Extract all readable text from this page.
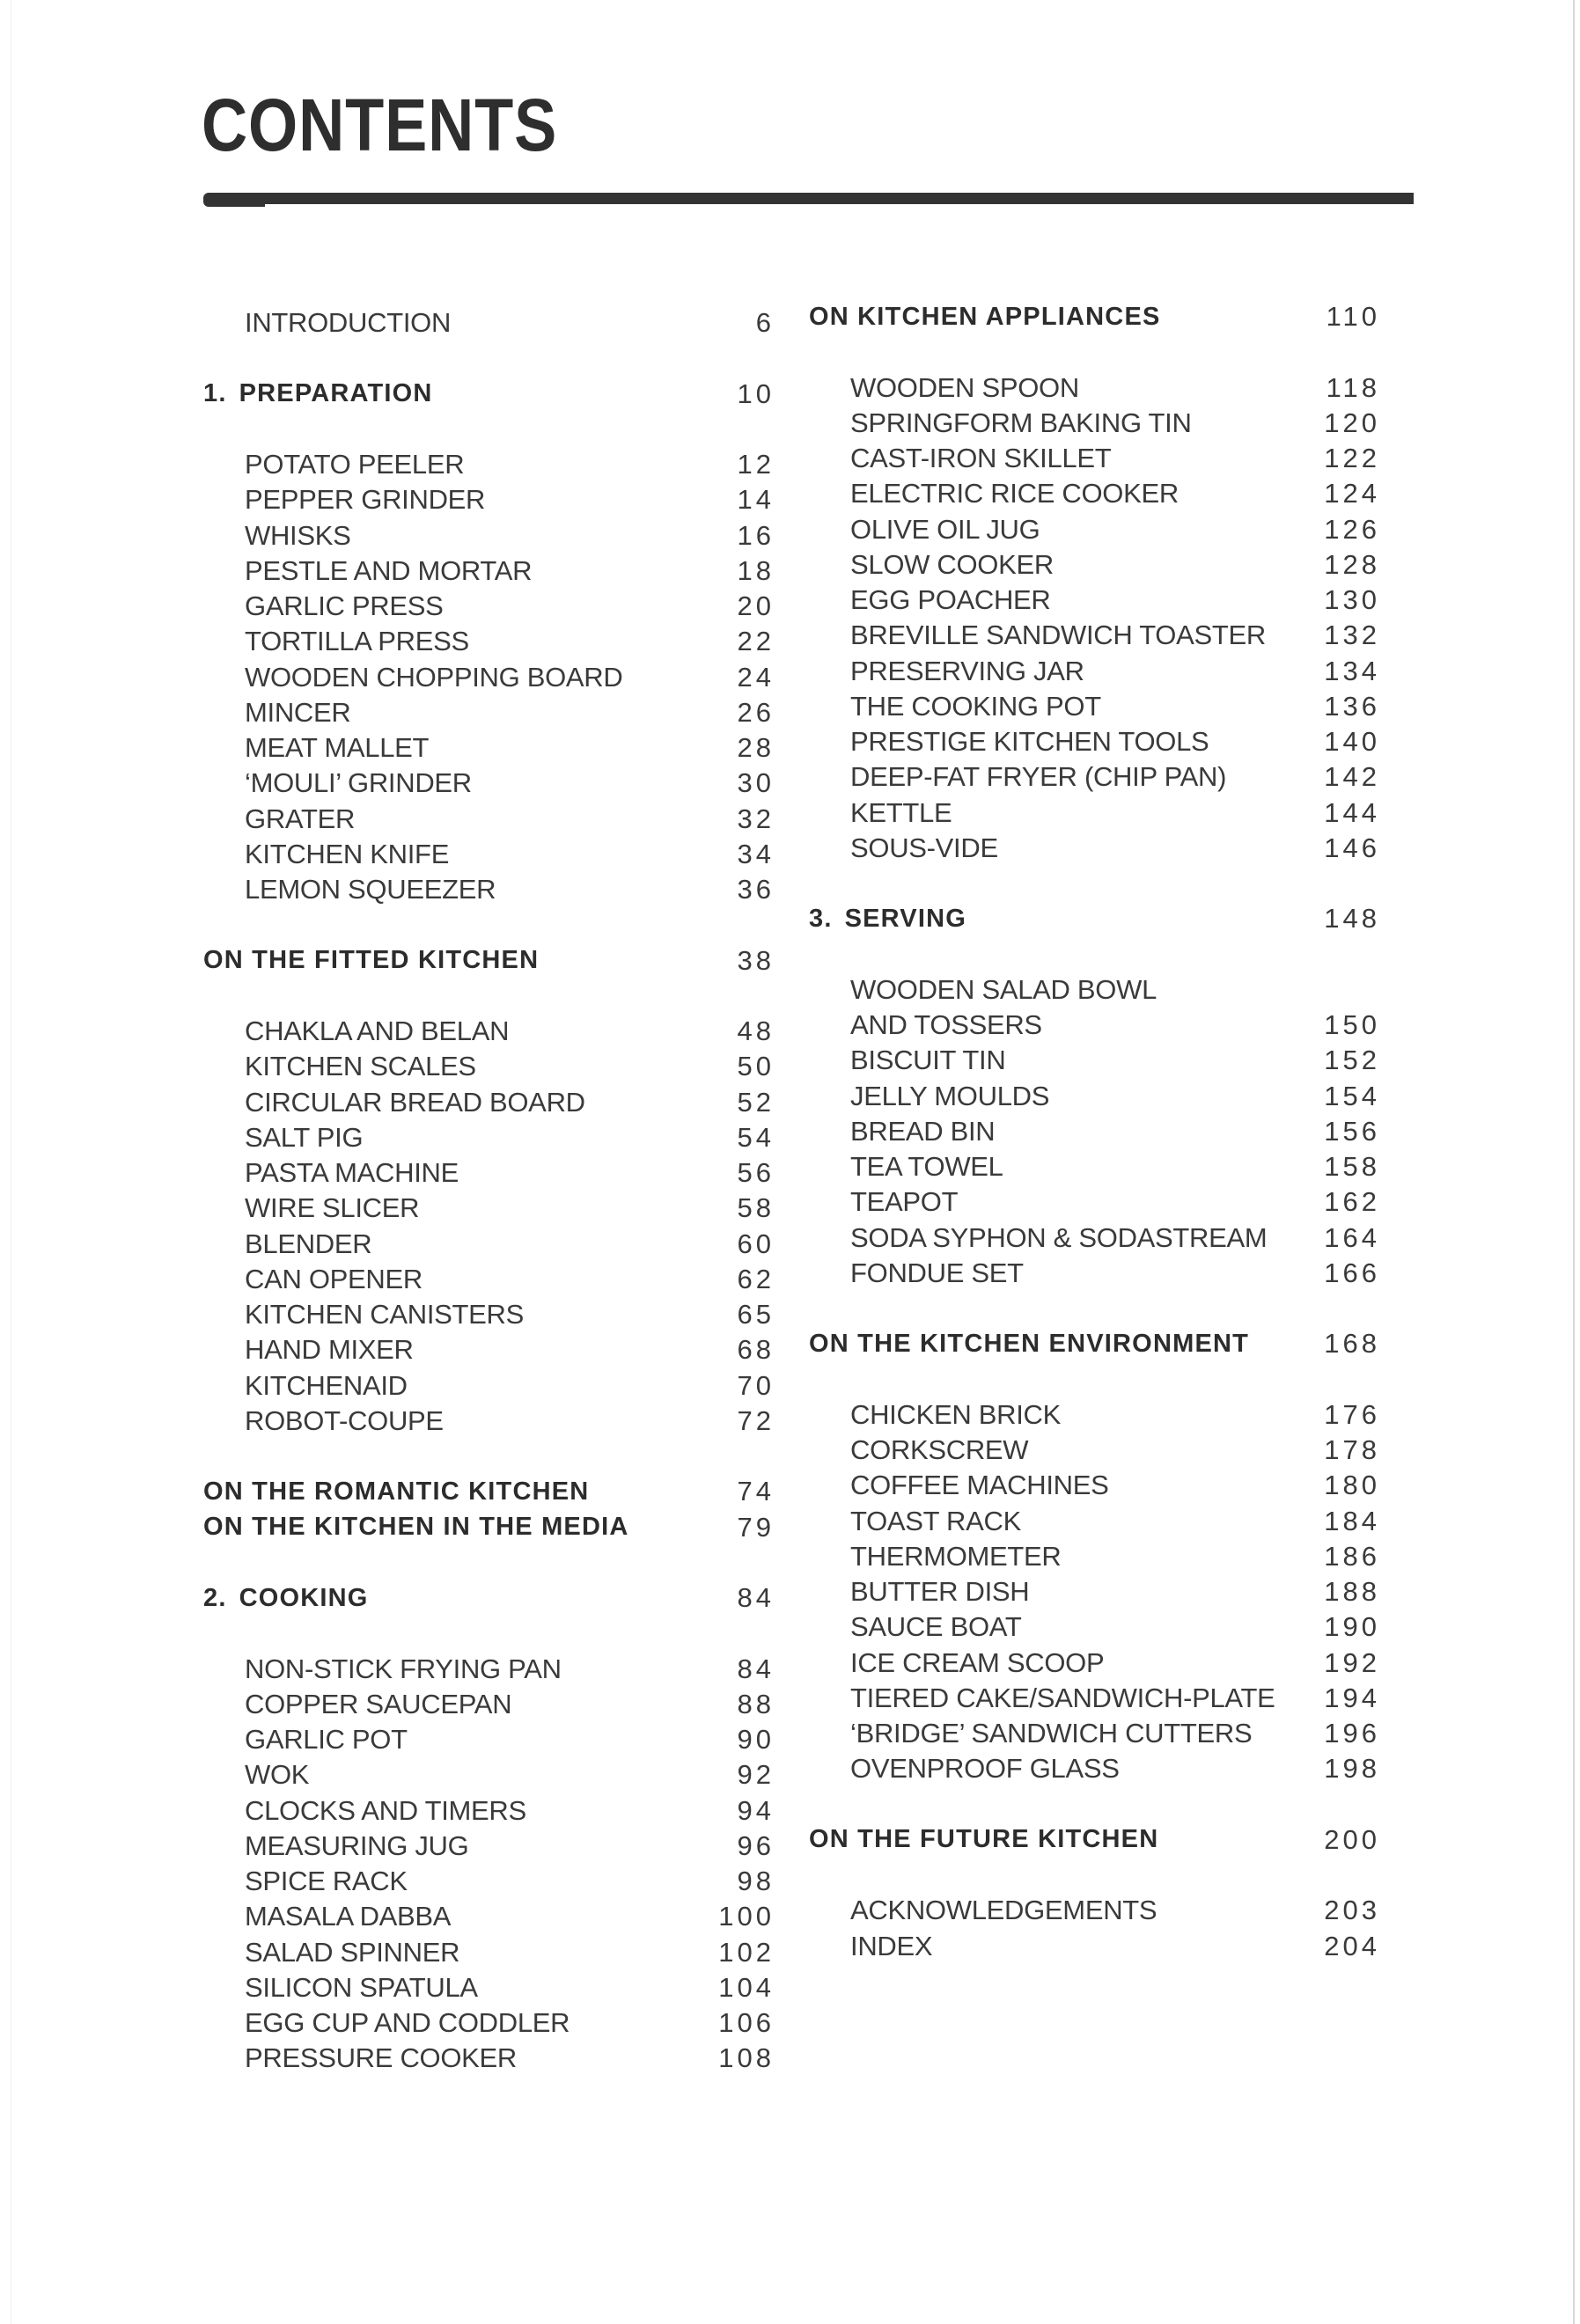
CONTENTS
INTRODUCTION	6
1. PREPARATION	10
POTATO PEELER	12
PEPPER GRINDER	14
WHISKS	16
PESTLE AND MORTAR	18
GARLIC PRESS	20
TORTILLA PRESS	22
WOODEN CHOPPING BOARD	24
MINCER	26
MEAT MALLET	28
‘MOULI’ GRINDER	30
GRATER	32
KITCHEN KNIFE	34
LEMON SQUEEZER	36
ON THE FITTED KITCHEN	38
CHAKLA AND BELAN	48
KITCHEN SCALES	50
CIRCULAR BREAD BOARD	52
SALT PIG	54
PASTA MACHINE	56
WIRE SLICER	58
BLENDER	60
CAN OPENER	62
KITCHEN CANISTERS	65
HAND MIXER	68
KITCHENAID	70
ROBOT-COUPE	72
ON THE ROMANTIC KITCHEN	74
ON THE KITCHEN IN THE MEDIA	79
2. COOKING	84
NON-STICK FRYING PAN	84
COPPER SAUCEPAN	88
GARLIC POT	90
WOK	92
CLOCKS AND TIMERS	94
MEASURING JUG	96
SPICE RACK	98
MASALA DABBA	100
SALAD SPINNER	102
SILICON SPATULA	104
EGG CUP AND CODDLER	106
PRESSURE COOKER	108
ON KITCHEN APPLIANCES	110
WOODEN SPOON	118
SPRINGFORM BAKING TIN	120
CAST-IRON SKILLET	122
ELECTRIC RICE COOKER	124
OLIVE OIL JUG	126
SLOW COOKER	128
EGG POACHER	130
BREVILLE SANDWICH TOASTER 132
PRESERVING JAR	134
THE COOKING POT	136
PRESTIGE KITCHEN TOOLS	140
DEEP-FAT FRYER (CHIP PAN)	142
KETTLE	144
SOUS-VIDE	146
3. SERVING	148
WOODEN SALAD BOWL
AND TOSSERS	150
BISCUIT TIN	152
JELLY MOULDS	154
BREAD BIN	156
TEA TOWEL	158
TEAPOT	162
SODA SYPHON & SODASTREAM 164
FONDUE SET	166
ON THE KITCHEN ENVIRONMENT	168
CHICKEN BRICK	176
CORKSCREW	178
COFFEE MACHINES	180
TOAST RACK	184
THERMOMETER	186
BUTTER DISH	188
SAUCE BOAT	190
ICE CREAM SCOOP	192
TIERED CAKE/SANDWICH-PLATE 194
‘BRIDGE’ SANDWICH CUTTERS	196
OVENPROOF GLASS	198
ON THE FUTURE KITCHEN	200
ACKNOWLEDGEMENTS	203
INDEX	204
